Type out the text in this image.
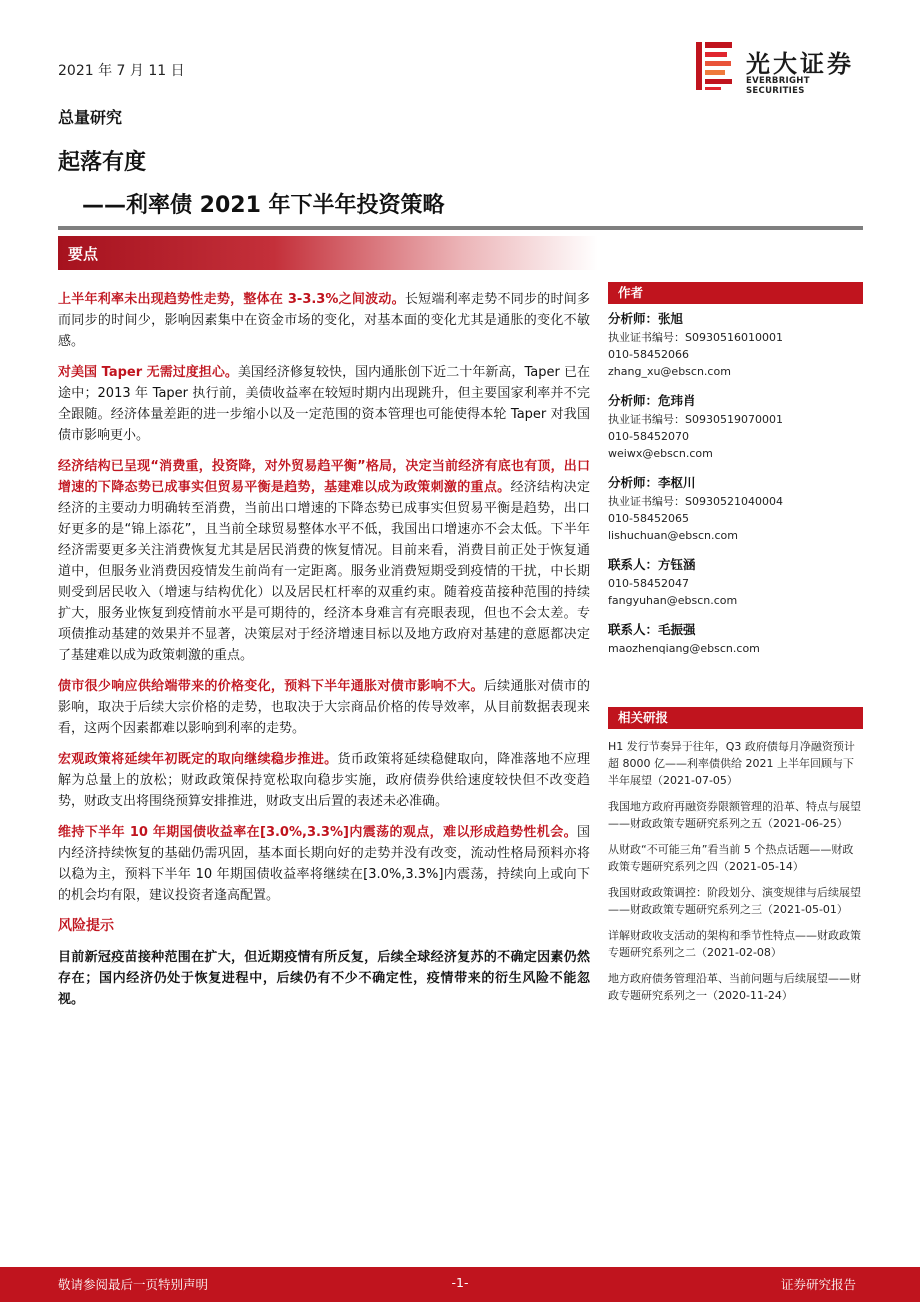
2021 年 7 月 11 日	光大证券
EVERBRIGHT SECURITIES
总量研究
起落有度
——利率债 2021 年下半年投资策略
要点

上半年利率未出现趋势性走势，整体在 3-3.3%之间波动。长短端利率走势不同步的时间多而同步的时间少，影响因素集中在资金市场的变化，对基本面的变化尤其是通胀的变化不敏感。

对美国 Taper 无需过度担心。美国经济修复较快，国内通胀创下近二十年新高，Taper 已在途中；2013 年 Taper 执行前，美债收益率在较短时期内出现跳升，但主要国家利率并不完全跟随。经济体量差距的进一步缩小以及一定范围的资本管理也可能使得本轮 Taper 对我国债市影响更小。

经济结构已呈现“消费重，投资降，对外贸易趋平衡”格局，决定当前经济有底也有顶，出口增速的下降态势已成事实但贸易平衡是趋势，基建难以成为政策刺激的重点。经济结构决定经济的主要动力明确转至消费，当前出口增速的下降态势已成事实但贸易平衡是趋势，出口好更多的是“锦上添花”，且当前全球贸易整体水平不低，我国出口增速亦不会太低。下半年经济需要更多关注消费恢复尤其是居民消费的恢复情况。目前来看，消费目前正处于恢复通道中，但服务业消费因疫情发生前尚有一定距离。服务业消费短期受到疫情的干扰，中长期则受到居民收入（增速与结构优化）以及居民杠杆率的双重约束。随着疫苗接种范围的持续扩大，服务业恢复到疫情前水平是可期待的，经济本身难言有亮眼表现，但也不会太差。专项债推动基建的效果并不显著，决策层对于经济增速目标以及地方政府对基建的意愿都决定了基建难以成为政策刺激的重点。

债市很少响应供给端带来的价格变化，预料下半年通胀对债市影响不大。后续通胀对债市的影响，取决于后续大宗价格的走势，也取决于大宗商品价格的传导效率，从目前数据表现来看，这两个因素都难以影响到利率的走势。

宏观政策将延续年初既定的取向继续稳步推进。货币政策将延续稳健取向，降准落地不应理解为总量上的放松；财政政策保持宽松取向稳步实施，政府债券供给速度较快但不改变趋势，财政支出将围绕预算安排推进，财政支出后置的表述未必准确。

维持下半年 10 年期国债收益率在[3.0%,3.3%]内震荡的观点，难以形成趋势性机会。国内经济持续恢复的基础仍需巩固，基本面长期向好的走势并没有改变，流动性格局预料亦将以稳为主，预料下半年 10 年期国债收益率将继续在[3.0%,3.3%]内震荡，持续向上或向下的机会均有限，建议投资者逢高配置。

风险提示

目前新冠疫苗接种范围在扩大，但近期疫情有所反复，后续全球经济复苏的不确定因素仍然存在；国内经济仍处于恢复进程中，后续仍有不少不确定性，疫情带来的衍生风险不能忽视。

作者
分析师：张旭
执业证书编号：S0930516010001
010-58452066
zhang_xu@ebscn.com
分析师：危玮肖
执业证书编号：S0930519070001
010-58452070
weiwx@ebscn.com
分析师：李枢川
执业证书编号：S0930521040004
010-58452065
lishuchuan@ebscn.com
联系人：方钰涵
010-58452047
fangyuhan@ebscn.com
联系人：毛振强
maozhenqiang@ebscn.com
相关研报
H1 发行节奏异于往年，Q3 政府债每月净融资预计超 8000 亿——利率债供给 2021 上半年回顾与下半年展望（2021-07-05）
我国地方政府再融资券限额管理的沿革、特点与展望——财政政策专题研究系列之五（2021-06-25）
从财政“不可能三角”看当前 5 个热点话题——财政政策专题研究系列之四（2021-05-14）
我国财政政策调控：阶段划分、演变规律与后续展望——财政政策专题研究系列之三（2021-05-01）
详解财政收支活动的架构和季节性特点——财政政策专题研究系列之二（2021-02-08）
地方政府债务管理沿革、当前问题与后续展望——财政专题研究系列之一（2020-11-24）
敬请参阅最后一页特别声明	-1-	证券研究报告
